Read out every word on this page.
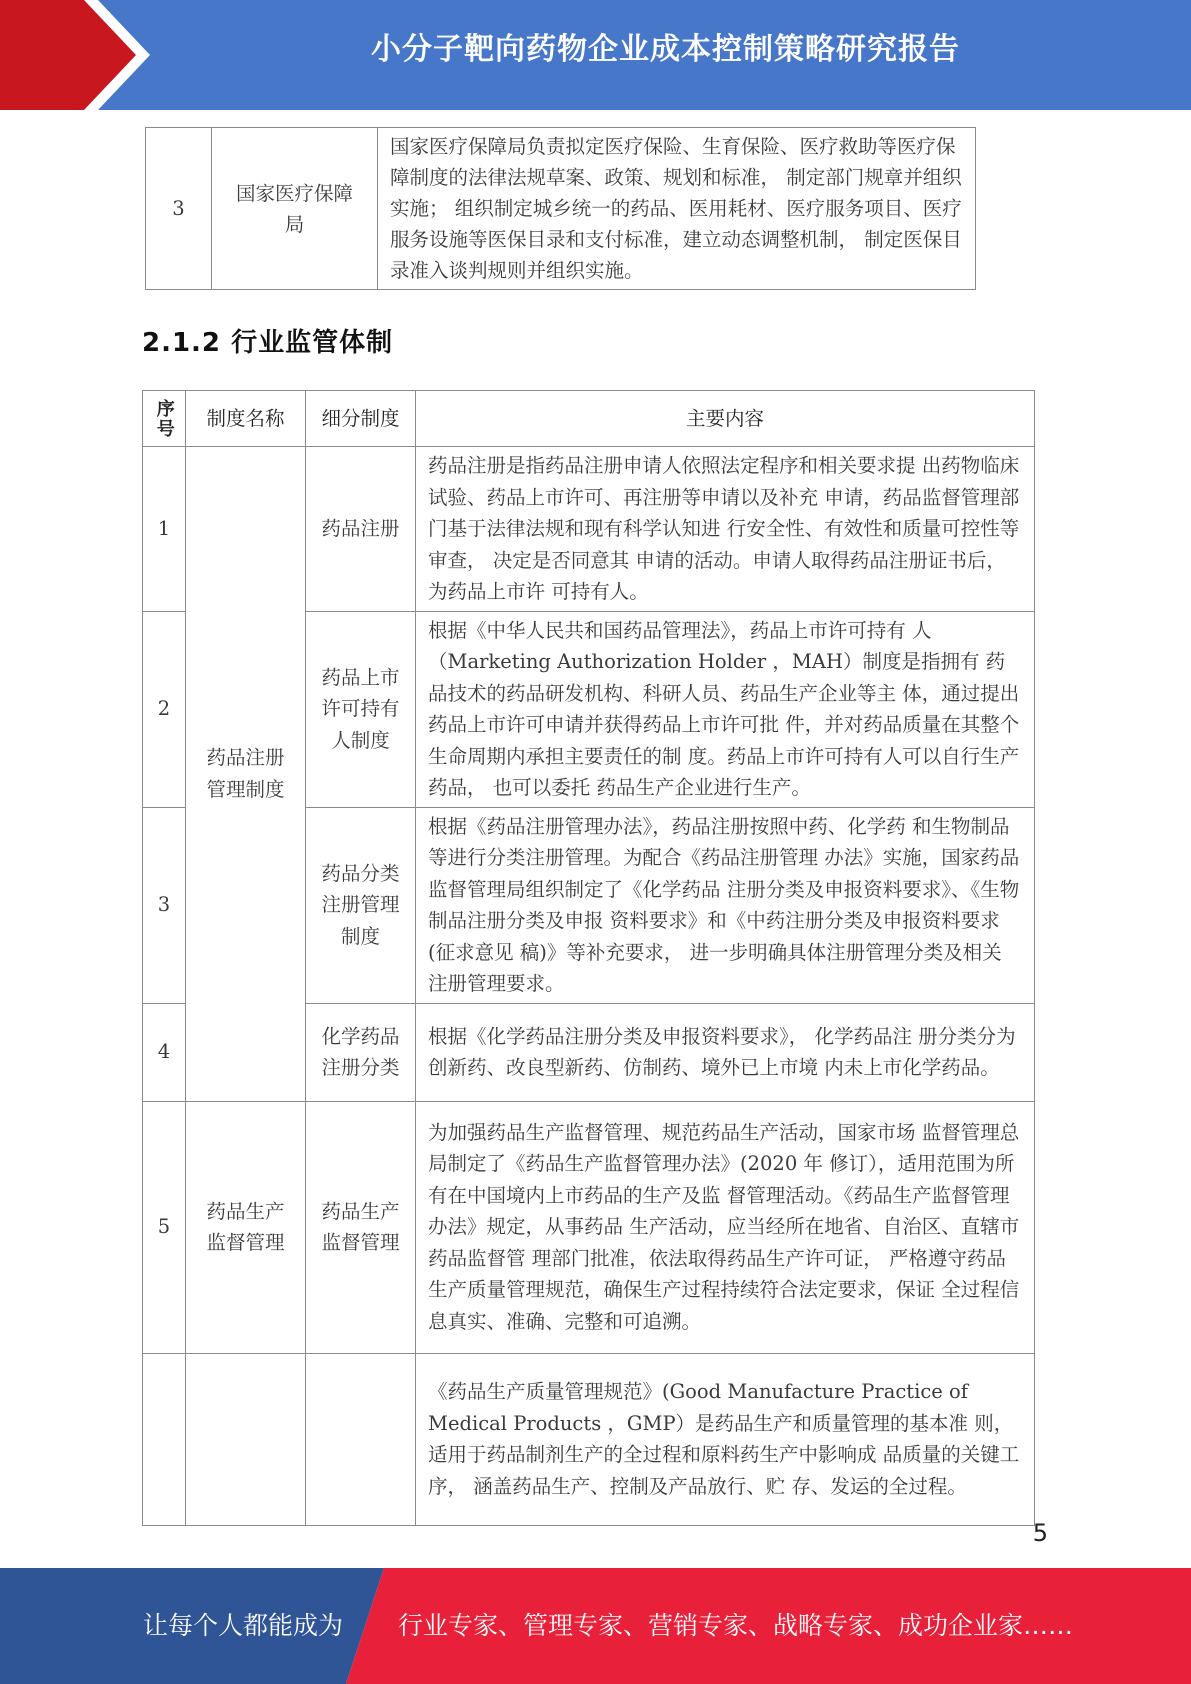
小分子靶向药物企业成本控制策略研究报告
3	国家医疗保障局	国家医疗保障局负责拟定医疗保险、生育保险、医疗救助等医疗保障制度的法律法规草案、政策、规划和标准， 制定部门规章并组织实施； 组织制定城乡统一的药品、医用耗材、医疗服务项目、医疗服务设施等医保目录和支付标准，建立动态调整机制， 制定医保目录准入谈判规则并组织实施。
2.1.2 行业监管体制
序号	制度名称	细分制度	主要内容
1	药品注册管理制度	药品注册	药品注册是指药品注册申请人依照法定程序和相关要求提 出药物临床试验、药品上市许可、再注册等申请以及补充 申请，药品监督管理部门基于法律法规和现有科学认知进 行安全性、有效性和质量可控性等审查， 决定是否同意其 申请的活动。申请人取得药品注册证书后，为药品上市许 可持有人。
2		药品上市许可持有人制度	根据《中华人民共和国药品管理法》，药品上市许可持有 人（Marketing Authorization Holder ，MAH）制度是指拥有 药品技术的药品研发机构、科研人员、药品生产企业等主 体，通过提出药品上市许可申请并获得药品上市许可批 件，并对药品质量在其整个生命周期内承担主要责任的制 度。药品上市许可持有人可以自行生产药品， 也可以委托 药品生产企业进行生产。
3		药品分类注册管理制度	根据《药品注册管理办法》，药品注册按照中药、化学药 和生物制品等进行分类注册管理。为配合《药品注册管理 办法》实施，国家药品监督管理局组织制定了《化学药品 注册分类及申报资料要求》、《生物制品注册分类及申报 资料要求》和《中药注册分类及申报资料要求(征求意见 稿)》等补充要求， 进一步明确具体注册管理分类及相关 注册管理要求。
4		化学药品注册分类	根据《化学药品注册分类及申报资料要求》， 化学药品注 册分类分为创新药、改良型新药、仿制药、境外已上市境 内未上市化学药品。
5	药品生产监督管理	药品生产监督管理	为加强药品生产监督管理、规范药品生产活动，国家市场 监督管理总局制定了《药品生产监督管理办法》(2020 年 修订），适用范围为所有在中国境内上市药品的生产及监 督管理活动。《药品生产监督管理办法》规定，从事药品 生产活动，应当经所在地省、自治区、直辖市药品监督管 理部门批准，依法取得药品生产许可证， 严格遵守药品生产质量管理规范，确保生产过程持续符合法定要求，保证 全过程信息真实、准确、完整和可追溯。
			《药品生产质量管理规范》(Good Manufacture Practice of Medical Products ，GMP）是药品生产和质量管理的基本准 则，适用于药品制剂生产的全过程和原料药生产中影响成 品质量的关键工序， 涵盖药品生产、控制及产品放行、贮 存、发运的全过程。
5
让每个人都能成为 行业专家、管理专家、营销专家、战略专家、成功企业家……
